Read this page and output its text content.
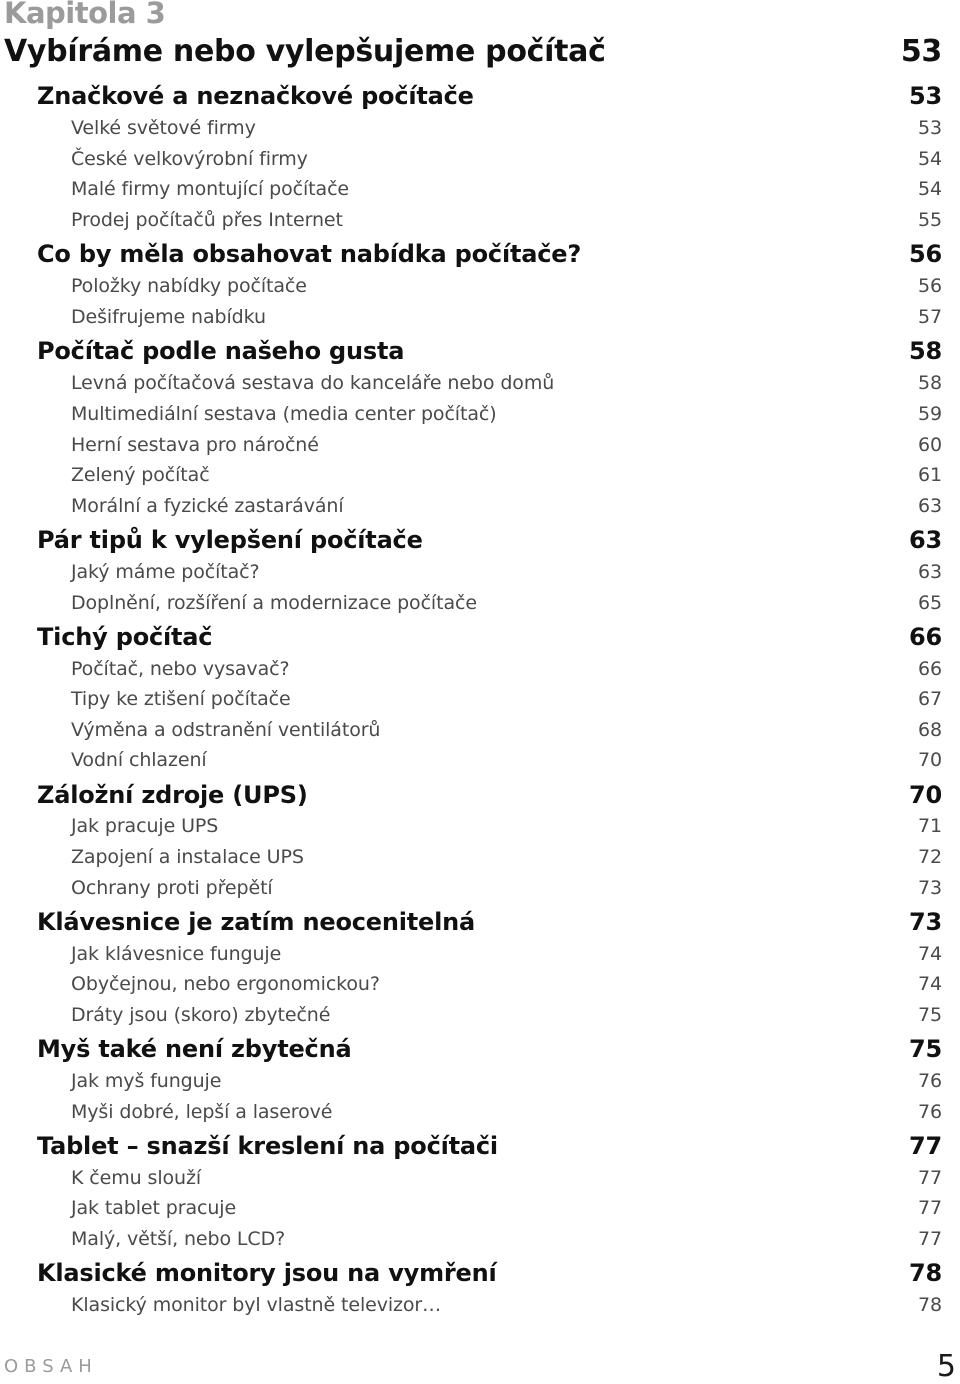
Kapitola 3
Vybíráme nebo vylepšujeme počítač	53
Značkové a neznačkové počítače	53
Velké světové firmy	53
České velkovýrobní firmy	54
Malé firmy montující počítače	54
Prodej počítačů přes Internet	55
Co by měla obsahovat nabídka počítače?	56
Položky nabídky počítače	56
Dešifrujeme nabídku	57
Počítač podle našeho gusta	58
Levná počítačová sestava do kanceláře nebo domů	58
Multimediální sestava (media center počítač)	59
Herní sestava pro náročné	60
Zelený počítač	61
Morální a fyzické zastarávání	63
Pár tipů k vylepšení počítače	63
Jaký máme počítač?	63
Doplnění, rozšíření a modernizace počítače	65
Tichý počítač	66
Počítač, nebo vysavač?	66
Tipy ke ztišení počítače	67
Výměna a odstranění ventilátorů	68
Vodní chlazení	70
Záložní zdroje (UPS)	70
Jak pracuje UPS	71
Zapojení a instalace UPS	72
Ochrany proti přepětí	73
Klávesnice je zatím neocenitelná	73
Jak klávesnice funguje	74
Obyčejnou, nebo ergonomickou?	74
Dráty jsou (skoro) zbytečné	75
Myš také není zbytečná	75
Jak myš funguje	76
Myši dobré, lepší a laserové	76
Tablet – snazší kreslení na počítači	77
K čemu slouží	77
Jak tablet pracuje	77
Malý, větší, nebo LCD?	77
Klasické monitory jsou na vymření	78
Klasický monitor byl vlastně televizor…	78
OBSAH	5
